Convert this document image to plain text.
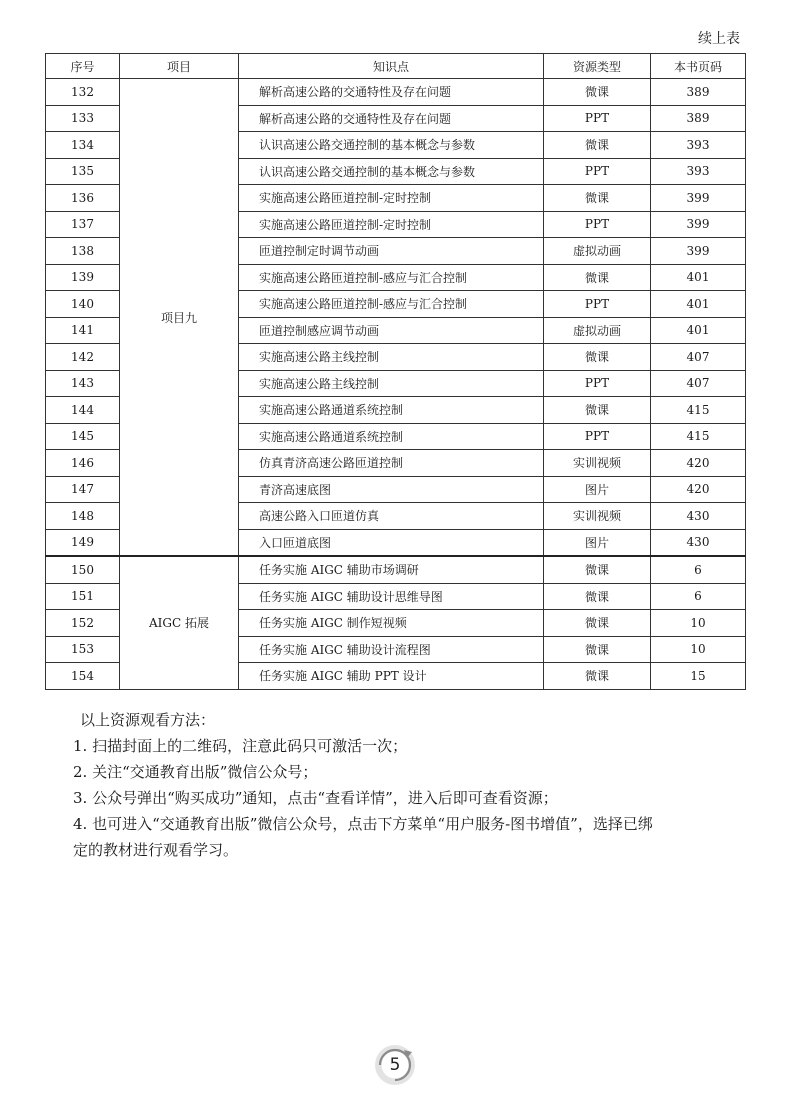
续上表
序号	项目	知识点	资源类型	本书页码
132	项目九	解析高速公路的交通特性及存在问题	微课	389
133		解析高速公路的交通特性及存在问题	PPT	389
134		认识高速公路交通控制的基本概念与参数	微课	393
135		认识高速公路交通控制的基本概念与参数	PPT	393
136		实施高速公路匝道控制-定时控制	微课	399
137		实施高速公路匝道控制-定时控制	PPT	399
138		匝道控制定时调节动画	虚拟动画	399
139		实施高速公路匝道控制-感应与汇合控制	微课	401
140		实施高速公路匝道控制-感应与汇合控制	PPT	401
141		匝道控制感应调节动画	虚拟动画	401
142		实施高速公路主线控制	微课	407
143		实施高速公路主线控制	PPT	407
144		实施高速公路通道系统控制	微课	415
145		实施高速公路通道系统控制	PPT	415
146		仿真青济高速公路匝道控制	实训视频	420
147		青济高速底图	图片	420
148		高速公路入口匝道仿真	实训视频	430
149		入口匝道底图	图片	430
150	AIGC 拓展	任务实施 AIGC 辅助市场调研	微课	6
151		任务实施 AIGC 辅助设计思维导图	微课	6
152		任务实施 AIGC 制作短视频	微课	10
153		任务实施 AIGC 辅助设计流程图	微课	10
154		任务实施 AIGC 辅助 PPT 设计	微课	15

以上资源观看方法：

1. 扫描封面上的二维码，注意此码只可激活一次；

2. 关注“交通教育出版”微信公众号；

3. 公众号弹出“购买成功”通知，点击“查看详情”，进入后即可查看资源；

4. 也可进入“交通教育出版”微信公众号，点击下方菜单“用户服务-图书增值”，选择已绑

定的教材进行观看学习。

5
